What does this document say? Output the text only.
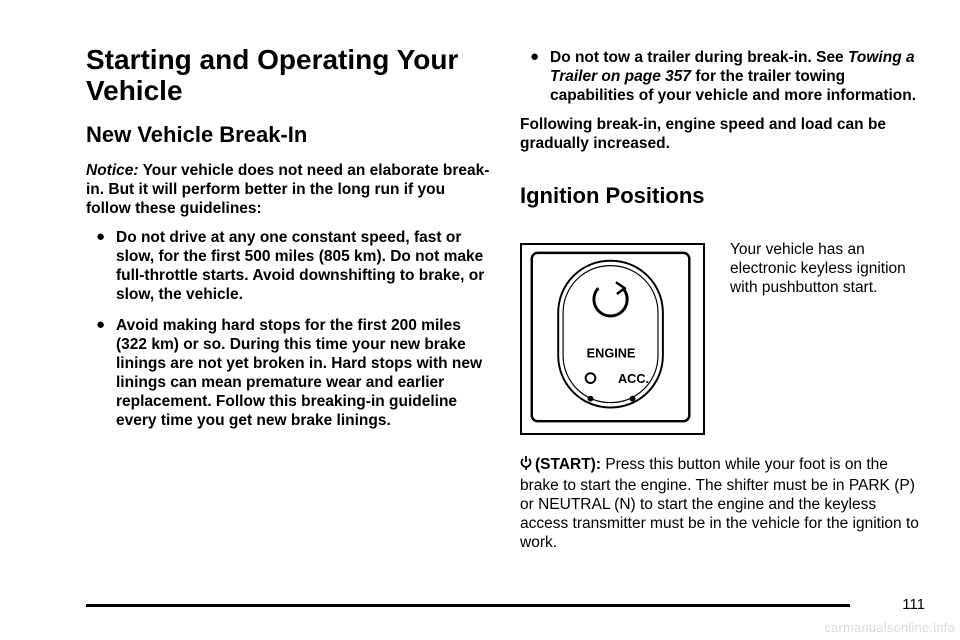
Starting and Operating Your Vehicle
New Vehicle Break-In

Notice: Your vehicle does not need an elaborate break-in. But it will perform better in the long run if you follow these guidelines:

● Do not drive at any one constant speed, fast or slow, for the first 500 miles (805 km). Do not make full-throttle starts. Avoid downshifting to brake, or slow, the vehicle.
● Avoid making hard stops for the first 200 miles (322 km) or so. During this time your new brake linings are not yet broken in. Hard stops with new linings can mean premature wear and earlier replacement. Follow this breaking-in guideline every time you get new brake linings.
● Do not tow a trailer during break-in. See Towing a Trailer on page 357 for the trailer towing capabilities of your vehicle and more information.

Following break-in, engine speed and load can be gradually increased.

Ignition Positions
ENGINE
ACC.

Your vehicle has an electronic keyless ignition with pushbutton start.

(START): Press this button while your foot is on the brake to start the engine. The shifter must be in PARK (P) or NEUTRAL (N) to start the engine and the keyless access transmitter must be in the vehicle for the ignition to work.

111
carmanualsonline.info
